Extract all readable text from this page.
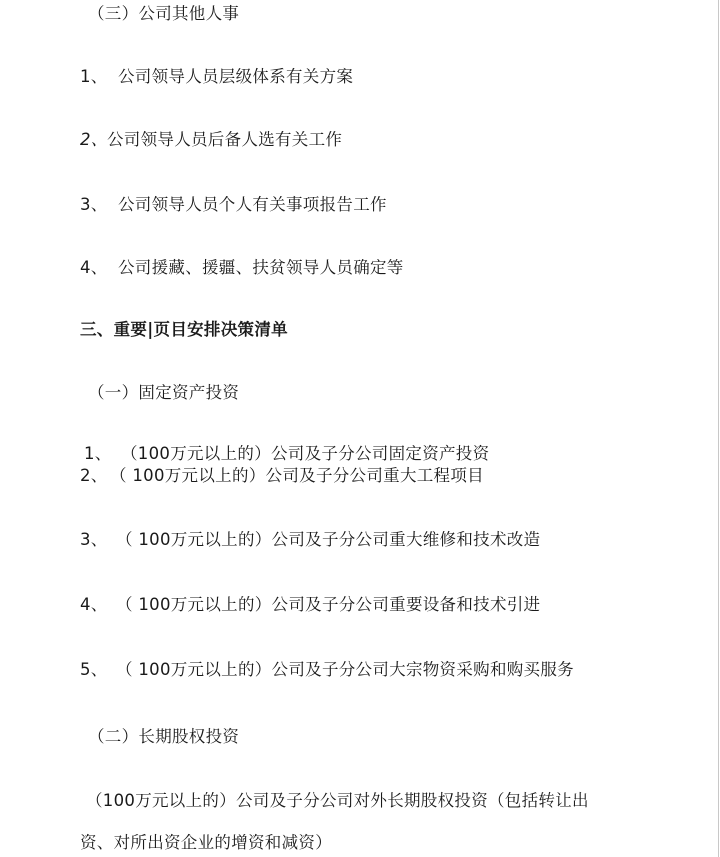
（三）公司其他人事
1、 公司领导人员层级体系有关方案
2、公司领导人员后备人选有关工作
3、 公司领导人员个人有关事项报告工作
4、 公司援藏、援疆、扶贫领导人员确定等
三、重要|页目安排决策清单
（一）固定资产投资
1、 （100万元以上的）公司及子分公司固定资产投资
2、 （ 100万元以上的）公司及子分公司重大工程项目
3、 （ 100万元以上的）公司及子分公司重大维修和技术改造
4、 （ 100万元以上的）公司及子分公司重要设备和技术引进
5、 （ 100万元以上的）公司及子分公司大宗物资采购和购买服务
（二）长期股权投资
（100万元以上的）公司及子分公司对外长期股权投资（包括转让出
资、对所出资企业的增资和减资）
